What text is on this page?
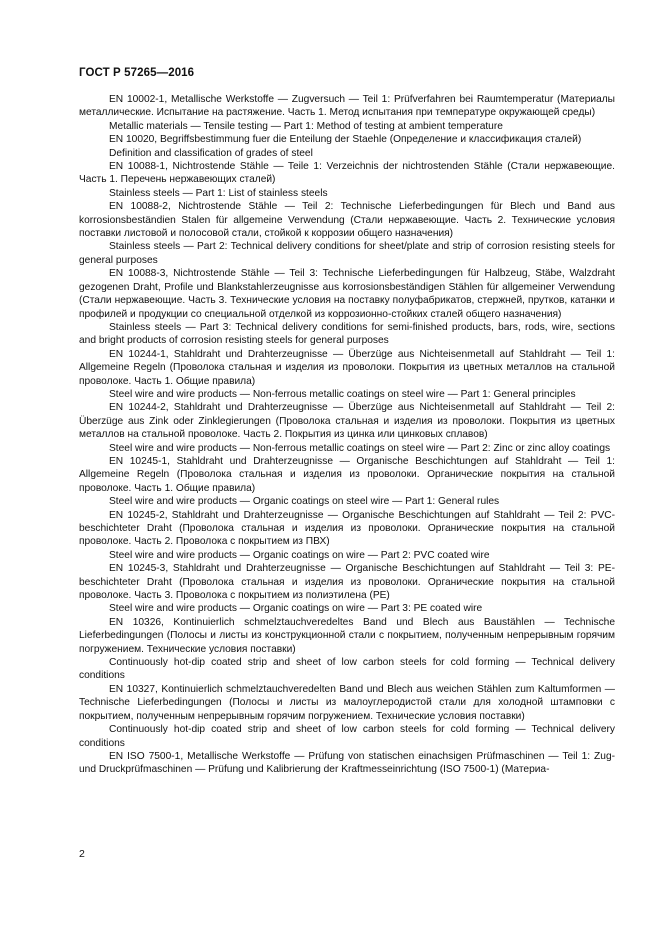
ГОСТ Р 57265—2016

EN 10002-1, Metallische Werkstoffe — Zugversuch — Teil 1: Prüfverfahren bei Raumtemperatur (Материалы металлические. Испытание на растяжение. Часть 1. Метод испытания при температуре окружающей среды)

Metallic materials — Tensile testing — Part 1: Method of testing at ambient temperature

EN 10020, Begriffsbestimmung fuer die Enteilung der Staehle (Определение и классификация сталей)

Definition and classification of grades of steel

EN 10088-1, Nichtrostende Stähle — Teile 1: Verzeichnis der nichtrostenden Stähle (Стали нержавеющие. Часть 1. Перечень нержавеющих сталей)

Stainless steels — Part 1: List of stainless steels

EN 10088-2, Nichtrostende Stähle — Teil 2: Technische Lieferbedingungen für Blech und Band aus korrosionsbeständien Stalen für allgemeine Verwendung (Стали нержавеющие. Часть 2. Технические условия поставки листовой и полосовой стали, стойкой к коррозии общего назначения)

Stainless steels — Part 2: Technical delivery conditions for sheet/plate and strip of corrosion resisting steels for general purposes

EN 10088-3, Nichtrostende Stähle — Teil 3: Technische Lieferbedingungen für Halbzeug, Stäbe, Walzdraht gezogenen Draht, Profile und Blankstahlerzeugnisse aus korrosionsbeständigen Stählen für allgemeiner Verwendung (Стали нержавеющие. Часть 3. Технические условия на поставку полуфабрикатов, стержней, прутков, катанки и профилей и продукции со специальной отделкой из коррозионно-стойких сталей общего назначения)

Stainless steels — Part 3: Technical delivery conditions for semi-finished products, bars, rods, wire, sections and bright products of corrosion resisting steels for general purposes

EN 10244-1, Stahldraht und Drahterzeugnisse — Überzüge aus Nichteisenmetall auf Stahldraht — Teil 1: Allgemeine Regeln (Проволока стальная и изделия из проволоки. Покрытия из цветных металлов на стальной проволоке. Часть 1. Общие правила)

Steel wire and wire products — Non-ferrous metallic coatings on steel wire — Part 1: General principles

EN 10244-2, Stahldraht und Drahterzeugnisse — Überzüge aus Nichteisenmetall auf Stahldraht — Teil 2: Überzüge aus Zink oder Zinklegierungen (Проволока стальная и изделия из проволоки. Покрытия из цветных металлов на стальной проволоке. Часть 2. Покрытия из цинка или цинковых сплавов)

Steel wire and wire products — Non-ferrous metallic coatings on steel wire — Part 2: Zinc or zinc alloy coatings

EN 10245-1, Stahldraht und Drahterzeugnisse — Organische Beschichtungen auf Stahldraht — Teil 1: Allgemeine Regeln (Проволока стальная и изделия из проволоки. Органические покрытия на стальной проволоке. Часть 1. Общие правила)

Steel wire and wire products — Organic coatings on steel wire — Part 1: General rules

EN 10245-2, Stahldraht und Drahterzeugnisse — Organische Beschichtungen auf Stahldraht — Teil 2: PVC-beschichteter Draht (Проволока стальная и изделия из проволоки. Органические покрытия на стальной проволоке. Часть 2. Проволока с покрытием из ПВХ)

Steel wire and wire products — Organic coatings on wire — Part 2: PVC coated wire

EN 10245-3, Stahldraht und Drahterzeugnisse — Organische Beschichtungen auf Stahldraht — Teil 3: PE-beschichteter Draht (Проволока стальная и изделия из проволоки. Органические покрытия на стальной проволоке. Часть 3. Проволока с покрытием из полиэтилена (PE)

Steel wire and wire products — Organic coatings on wire — Part 3: PE coated wire

EN 10326, Kontinuierlich schmelztauchveredeltes Band und Blech aus Baustählen — Technische Lieferbedingungen (Полосы и листы из конструкционной стали с покрытием, полученным непрерывным горячим погружением. Технические условия поставки)

Continuously hot-dip coated strip and sheet of low carbon steels for cold forming — Technical delivery conditions

EN 10327, Kontinuierlich schmelztauchveredelten Band und Blech aus weichen Stählen zum Kaltumformen — Technische Lieferbedingungen (Полосы и листы из малоуглеродистой стали для холодной штамповки с покрытием, полученным непрерывным горячим погружением. Технические условия поставки)

Continuously hot-dip coated strip and sheet of low carbon steels for cold forming — Technical delivery conditions

EN ISO 7500-1, Metallische Werkstoffe — Prüfung von statischen einachsigen Prüfmaschinen — Teil 1: Zug- und Druckprüfmaschinen — Prüfung und Kalibrierung der Kraftmesseinrichtung (ISO 7500-1) (Материа-

2
